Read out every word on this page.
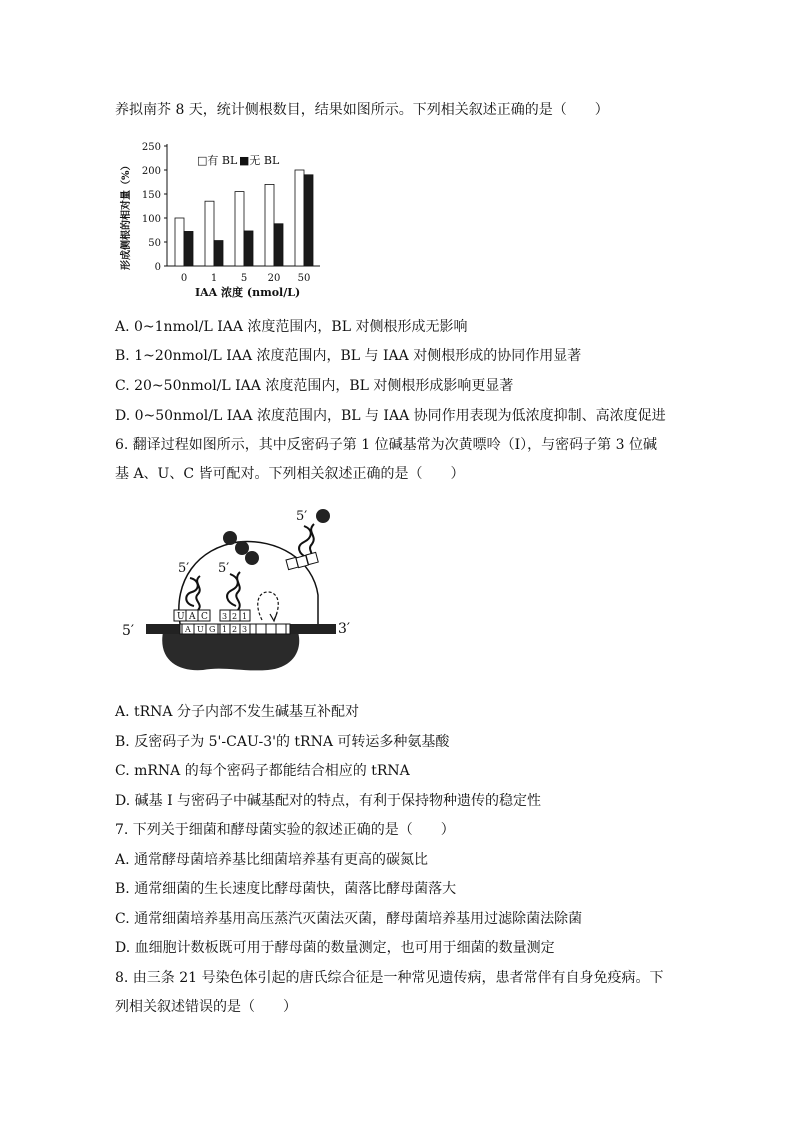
养拟南芥 8 天，统计侧根数目，结果如图所示。下列相关叙述正确的是（　　）
形成侧根的相对量（%） 0
50
100
150
200
250
0 1 5 20 50
□有 BL ■无 BL
IAA 浓度 (nmol/L)
A. 0~1nmol/L IAA 浓度范围内，BL 对侧根形成无影响
B. 1~20nmol/L IAA 浓度范围内，BL 与 IAA 对侧根形成的协同作用显著
C. 20~50nmol/L IAA 浓度范围内，BL 对侧根形成影响更显著
D. 0~50nmol/L IAA 浓度范围内，BL 与 IAA 协同作用表现为低浓度抑制、高浓度促进
6. 翻译过程如图所示，其中反密码子第 1 位碱基常为次黄嘌呤（I），与密码子第 3 位碱
基 A、U、C 皆可配对。下列相关叙述正确的是（　　）
A U G 1 2 3
5′	3′
5′
U A C
5′
3 2 1
5′
A. tRNA 分子内部不发生碱基互补配对
B. 反密码子为 5'-CAU-3'的 tRNA 可转运多种氨基酸
C. mRNA 的每个密码子都能结合相应的 tRNA
D. 碱基 I 与密码子中碱基配对的特点，有利于保持物种遗传的稳定性
7. 下列关于细菌和酵母菌实验的叙述正确的是（　　）
A. 通常酵母菌培养基比细菌培养基有更高的碳氮比
B. 通常细菌的生长速度比酵母菌快，菌落比酵母菌落大
C. 通常细菌培养基用高压蒸汽灭菌法灭菌，酵母菌培养基用过滤除菌法除菌
D. 血细胞计数板既可用于酵母菌的数量测定，也可用于细菌的数量测定
8. 由三条 21 号染色体引起的唐氏综合征是一种常见遗传病，患者常伴有自身免疫病。下
列相关叙述错误的是（　　）
